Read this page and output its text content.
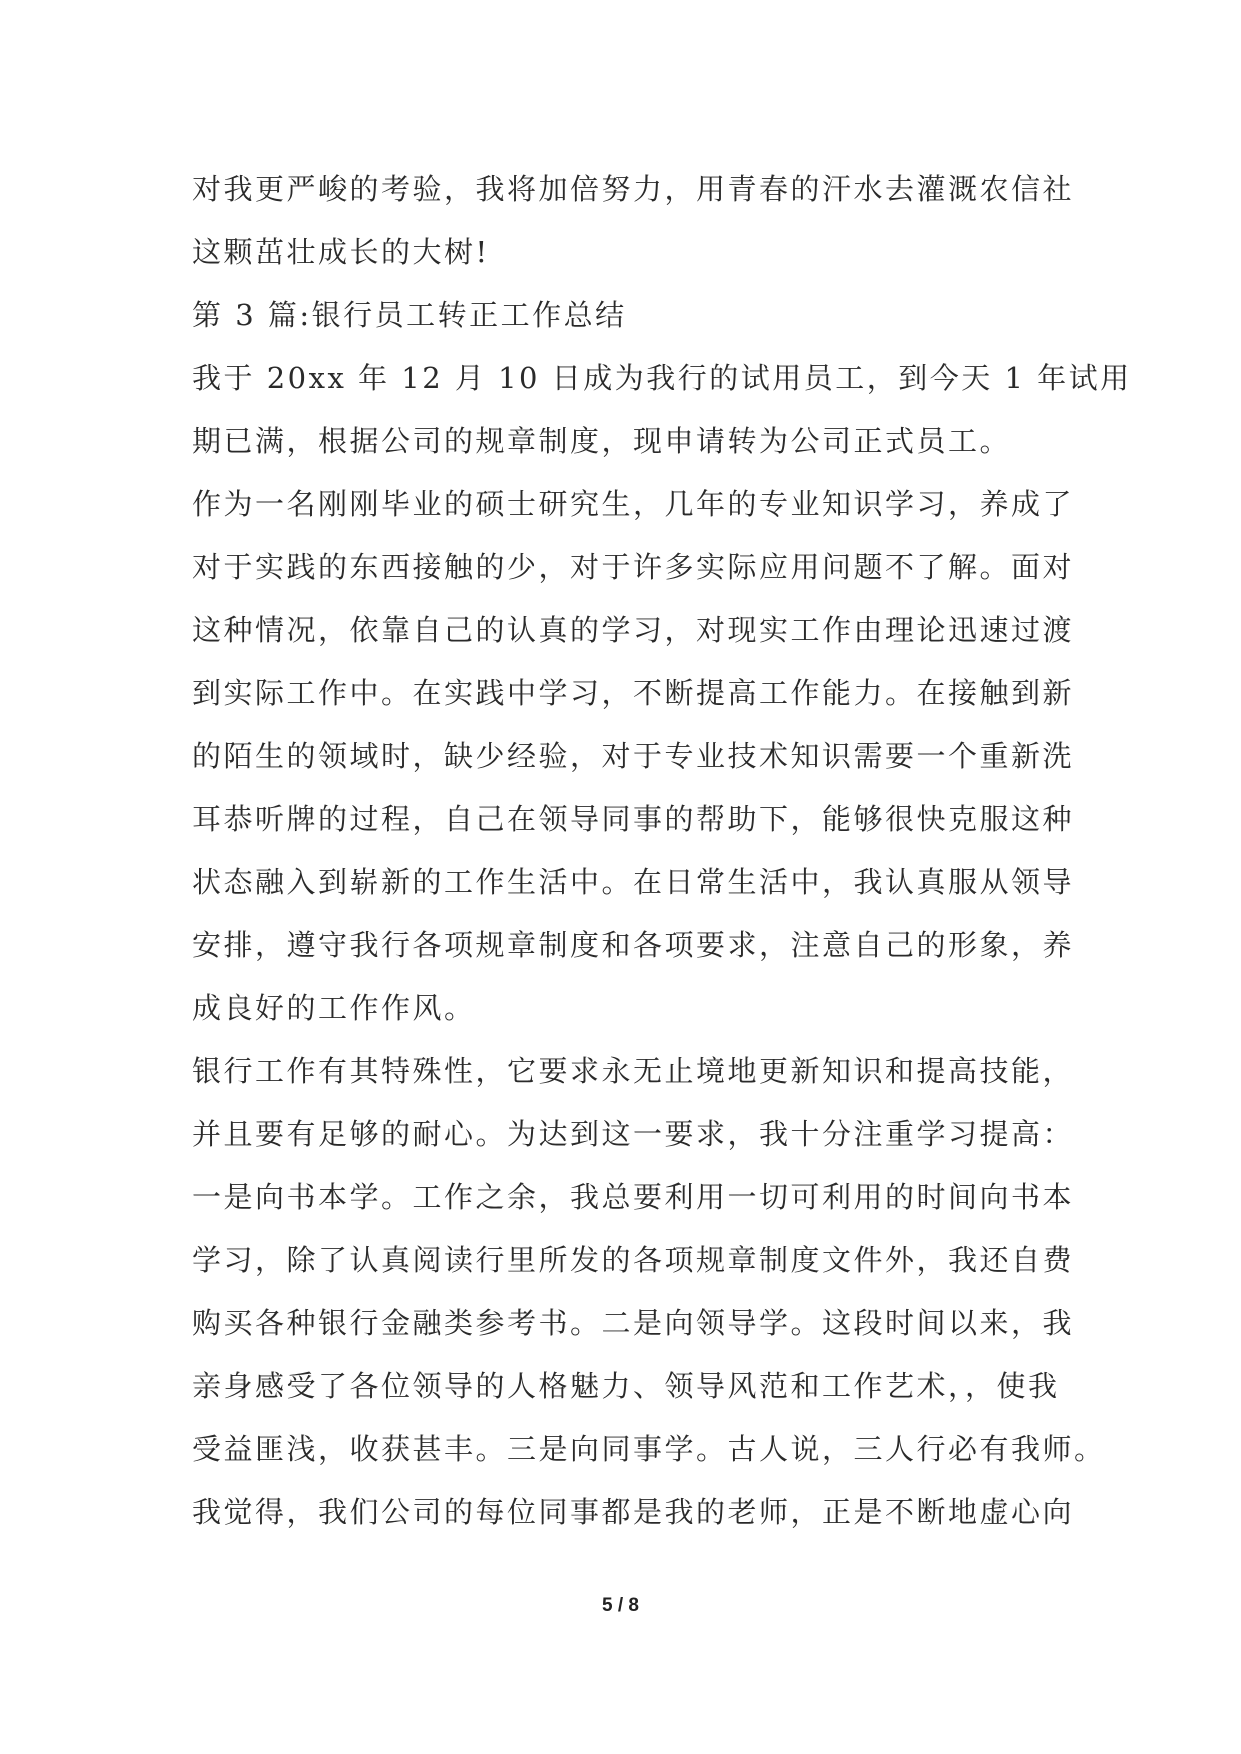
对我更严峻的考验，我将加倍努力，用青春的汗水去灌溉农信社
这颗茁壮成长的大树!
第 3 篇:银行员工转正工作总结
我于 20xx 年 12 月 10 日成为我行的试用员工，到今天 1 年试用
期已满，根据公司的规章制度，现申请转为公司正式员工。
作为一名刚刚毕业的硕士研究生，几年的专业知识学习，养成了
对于实践的东西接触的少，对于许多实际应用问题不了解。面对
这种情况，依靠自己的认真的学习，对现实工作由理论迅速过渡
到实际工作中。在实践中学习，不断提高工作能力。在接触到新
的陌生的领域时，缺少经验，对于专业技术知识需要一个重新洗
耳恭听牌的过程，自己在领导同事的帮助下，能够很快克服这种
状态融入到崭新的工作生活中。在日常生活中，我认真服从领导
安排，遵守我行各项规章制度和各项要求，注意自己的形象，养
成良好的工作作风。
银行工作有其特殊性，它要求永无止境地更新知识和提高技能，
并且要有足够的耐心。为达到这一要求，我十分注重学习提高：
一是向书本学。工作之余，我总要利用一切可利用的时间向书本
学习，除了认真阅读行里所发的各项规章制度文件外，我还自费
购买各种银行金融类参考书。二是向领导学。这段时间以来，我
亲身感受了各位领导的人格魅力、领导风范和工作艺术，，使我
受益匪浅，收获甚丰。三是向同事学。古人说，三人行必有我师。
我觉得，我们公司的每位同事都是我的老师，正是不断地虚心向
5 / 8
